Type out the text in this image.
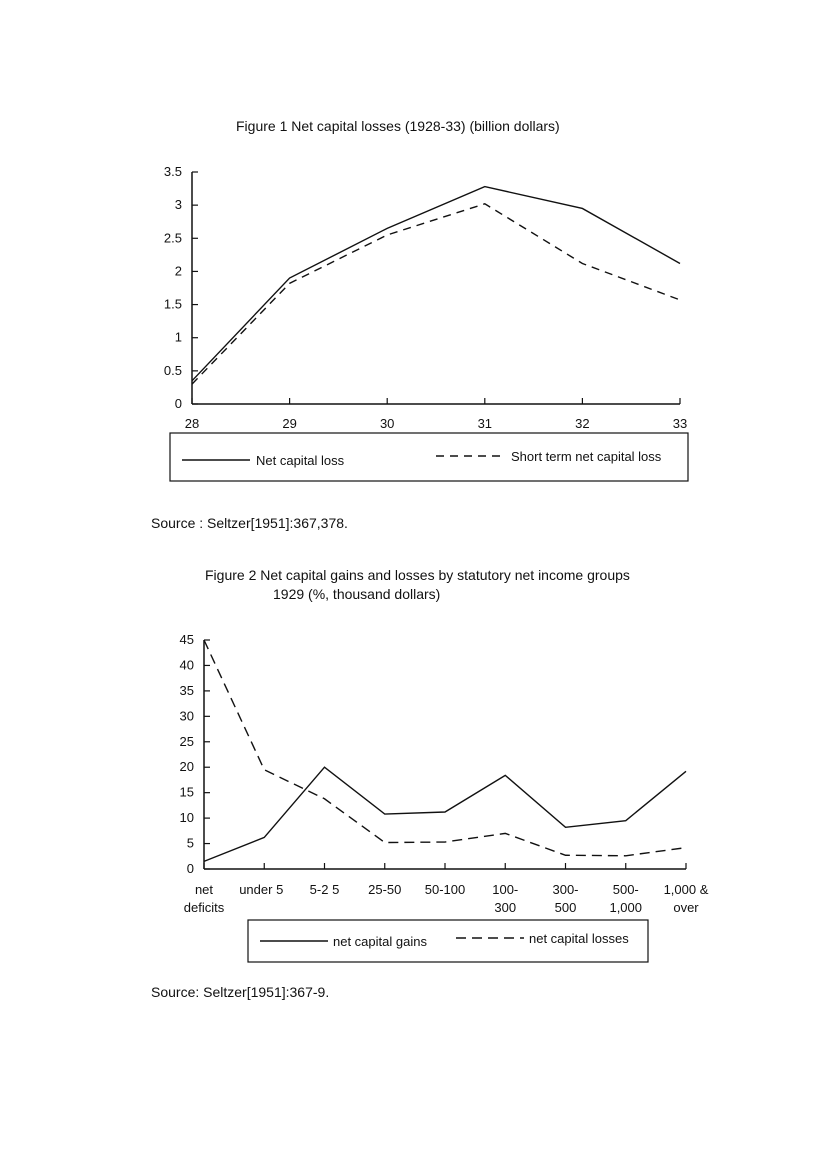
Figure 1 Net capital losses (1928-33) (billion dollars)
0
0.5
1
1.5
2
2.5
3
3.5
28	29	30	31	32	33
Net capital loss	Short term net capital loss
Source : Seltzer[1951]:367,378.
Figure 2 Net capital gains and losses by statutory net income groups
1929 (%, thousand dollars)
0
5
10
15
20
25
30
35
40
45
net
deficits
under 5 5-2 5 25-50 50-100 100-
300
300-
500
500-
1,000
1,000 &
over
net capital gains	net capital losses
Source: Seltzer[1951]:367-9.
